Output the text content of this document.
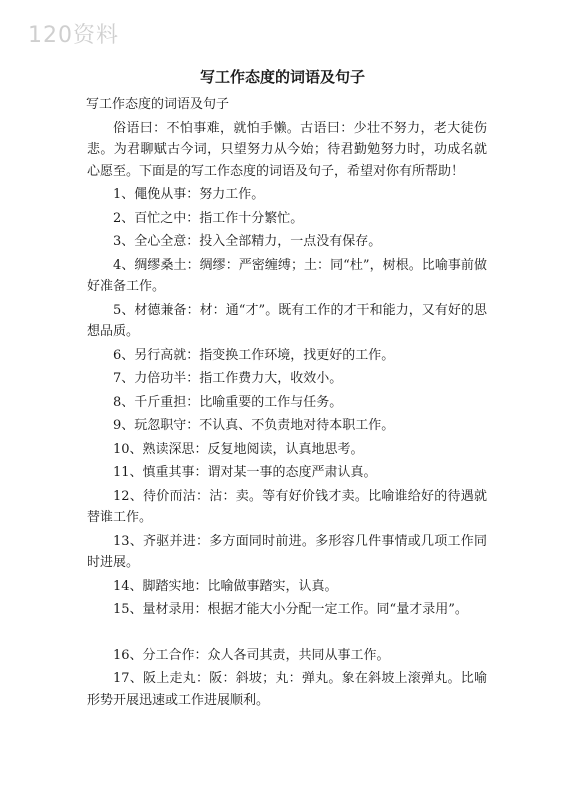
120资料
写工作态度的词语及句子

写工作态度的词语及句子

俗语曰：不怕事难，就怕手懒。古语曰：少壮不努力，老大徒伤悲。为君聊赋古今词，只望努力从今始；待君勤勉努力时，功成名就心愿至。下面是的写工作态度的词语及句子，希望对你有所帮助！

1、僶俛从事：努力工作。

2、百忙之中：指工作十分繁忙。

3、全心全意：投入全部精力，一点没有保存。

4、绸缪桑土：绸缪：严密缠缚；土：同“杜”，树根。比喻事前做好准备工作。

5、材德兼备：材：通“才”。既有工作的才干和能力，又有好的思想品质。

6、另行高就：指变换工作环境，找更好的工作。

7、力倍功半：指工作费力大，收效小。

8、千斤重担：比喻重要的工作与任务。

9、玩忽职守：不认真、不负责地对待本职工作。

10、熟读深思：反复地阅读，认真地思考。

11、慎重其事：谓对某一事的态度严肃认真。

12、待价而沽：沽：卖。等有好价钱才卖。比喻谁给好的待遇就替谁工作。

13、齐驱并进：多方面同时前进。多形容几件事情或几项工作同时进展。

14、脚踏实地：比喻做事踏实，认真。

15、量材录用：根据才能大小分配一定工作。同“量才录用”。

16、分工合作：众人各司其责，共同从事工作。

17、阪上走丸：阪：斜坡；丸：弹丸。象在斜坡上滚弹丸。比喻形势开展迅速或工作进展顺利。
